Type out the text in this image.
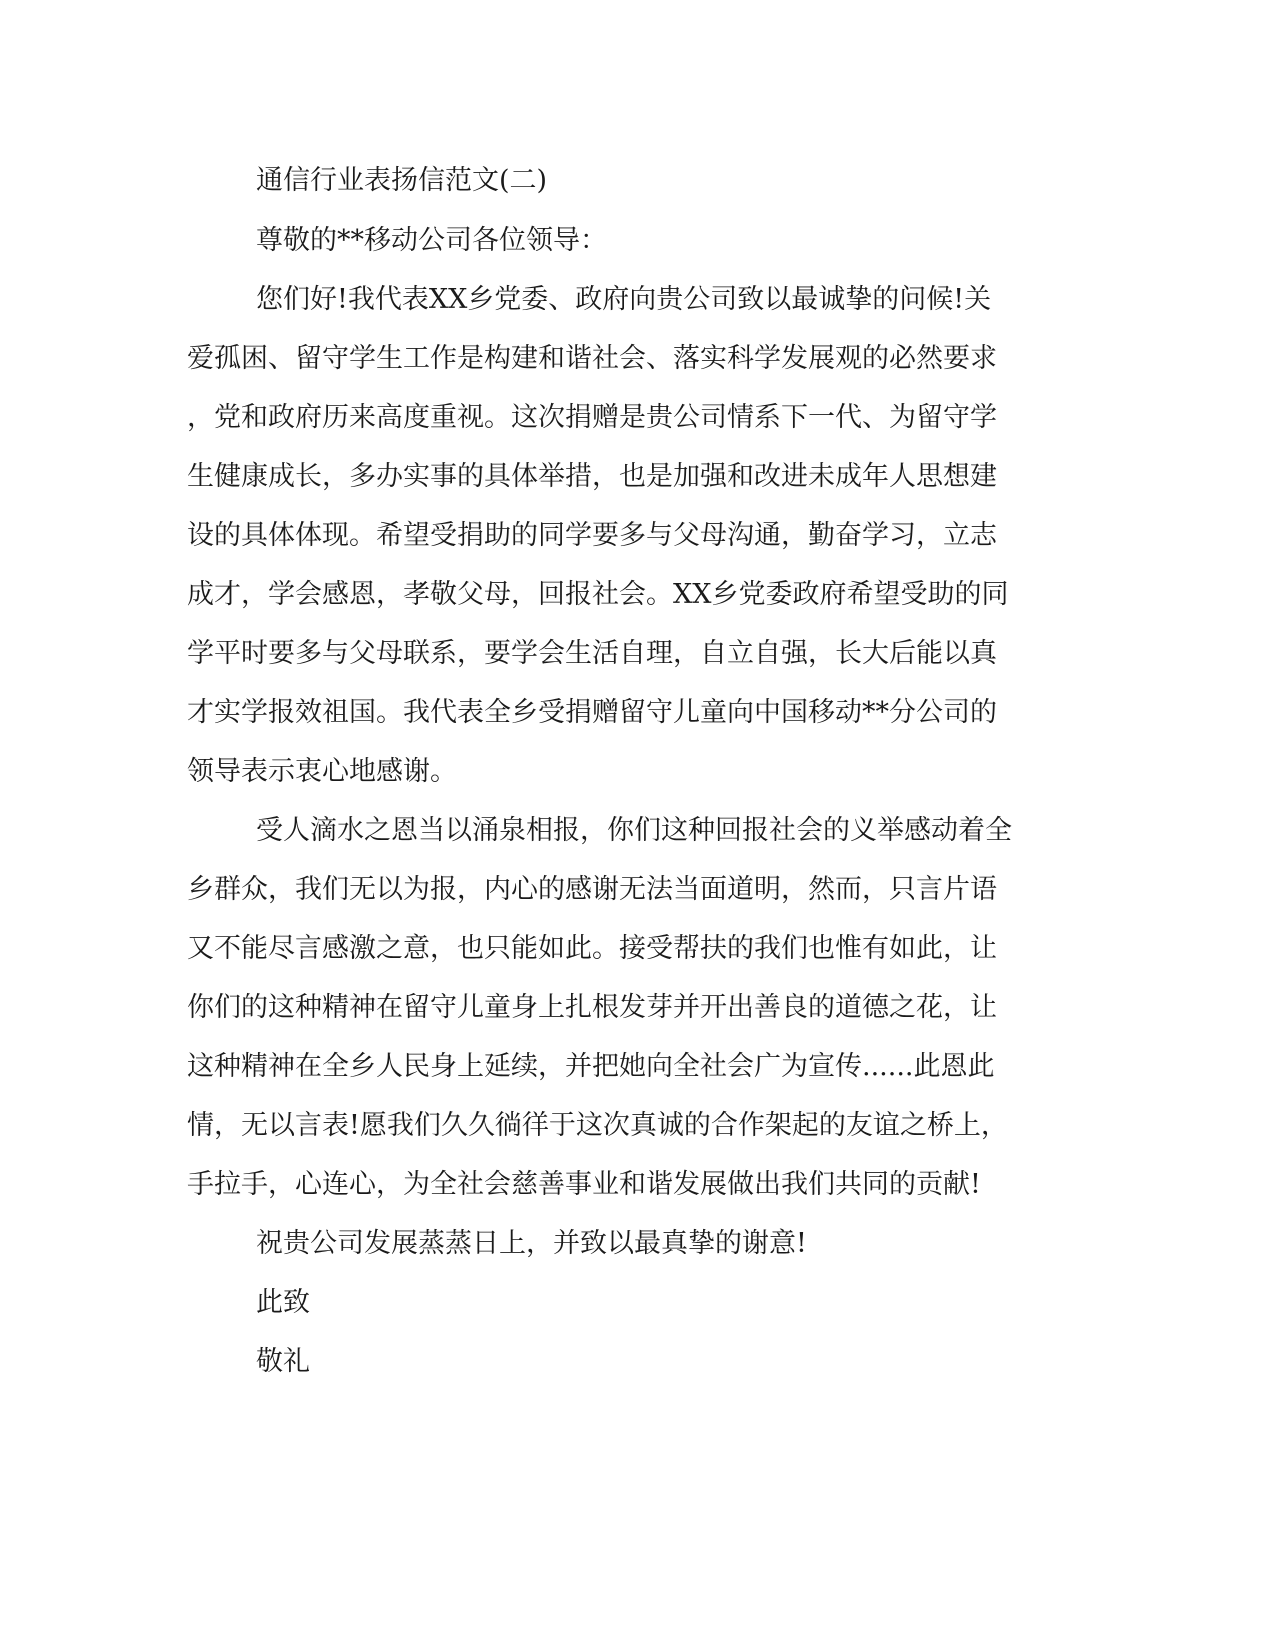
通信行业表扬信范文(二)
尊敬的**移动公司各位领导：
您们好!我代表XX乡党委、政府向贵公司致以最诚挚的问候!关
爱孤困、留守学生工作是构建和谐社会、落实科学发展观的必然要求
，党和政府历来高度重视。这次捐赠是贵公司情系下一代、为留守学
生健康成长，多办实事的具体举措，也是加强和改进未成年人思想建
设的具体体现。希望受捐助的同学要多与父母沟通，勤奋学习，立志
成才，学会感恩，孝敬父母，回报社会。XX乡党委政府希望受助的同
学平时要多与父母联系，要学会生活自理，自立自强，长大后能以真
才实学报效祖国。我代表全乡受捐赠留守儿童向中国移动**分公司的
领导表示衷心地感谢。
受人滴水之恩当以涌泉相报，你们这种回报社会的义举感动着全
乡群众，我们无以为报，内心的感谢无法当面道明，然而，只言片语
又不能尽言感激之意，也只能如此。接受帮扶的我们也惟有如此，让
你们的这种精神在留守儿童身上扎根发芽并开出善良的道德之花，让
这种精神在全乡人民身上延续，并把她向全社会广为宣传......此恩此
情，无以言表!愿我们久久徜徉于这次真诚的合作架起的友谊之桥上，
手拉手，心连心，为全社会慈善事业和谐发展做出我们共同的贡献!
祝贵公司发展蒸蒸日上，并致以最真挚的谢意!
此致
敬礼
